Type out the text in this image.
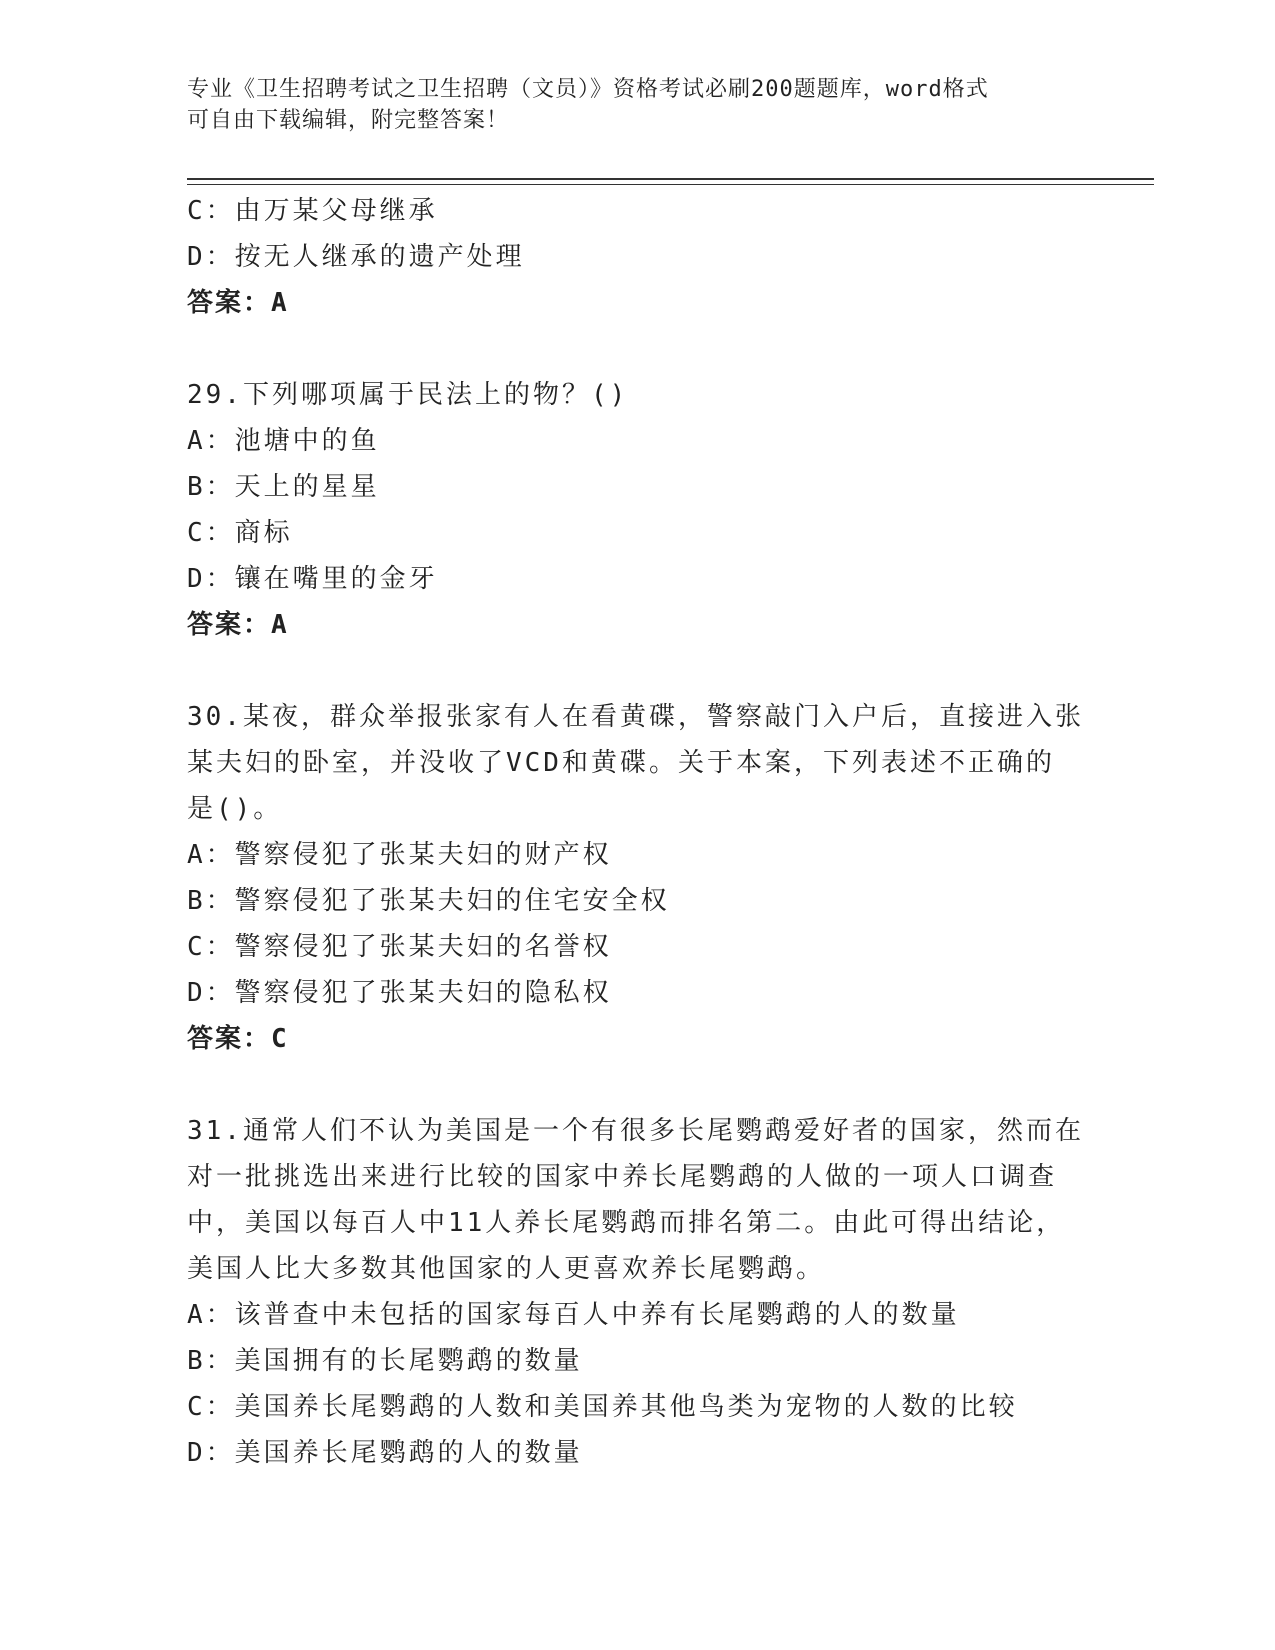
专业《卫生招聘考试之卫生招聘（文员）》资格考试必刷200题题库，word格式
可自由下载编辑，附完整答案！
C：由万某父母继承
D：按无人继承的遗产处理
答案：A
29.下列哪项属于民法上的物？()
A：池塘中的鱼
B：天上的星星
C：商标
D：镶在嘴里的金牙
答案：A
30.某夜，群众举报张家有人在看黄碟，警察敲门入户后，直接进入张
某夫妇的卧室，并没收了VCD和黄碟。关于本案，下列表述不正确的
是()。
A：警察侵犯了张某夫妇的财产权
B：警察侵犯了张某夫妇的住宅安全权
C：警察侵犯了张某夫妇的名誉权
D：警察侵犯了张某夫妇的隐私权
答案：C
31.通常人们不认为美国是一个有很多长尾鹦鹉爱好者的国家，然而在
对一批挑选出来进行比较的国家中养长尾鹦鹉的人做的一项人口调查
中，美国以每百人中11人养长尾鹦鹉而排名第二。由此可得出结论，
美国人比大多数其他国家的人更喜欢养长尾鹦鹉。
A：该普查中未包括的国家每百人中养有长尾鹦鹉的人的数量
B：美国拥有的长尾鹦鹉的数量
C：美国养长尾鹦鹉的人数和美国养其他鸟类为宠物的人数的比较
D：美国养长尾鹦鹉的人的数量
